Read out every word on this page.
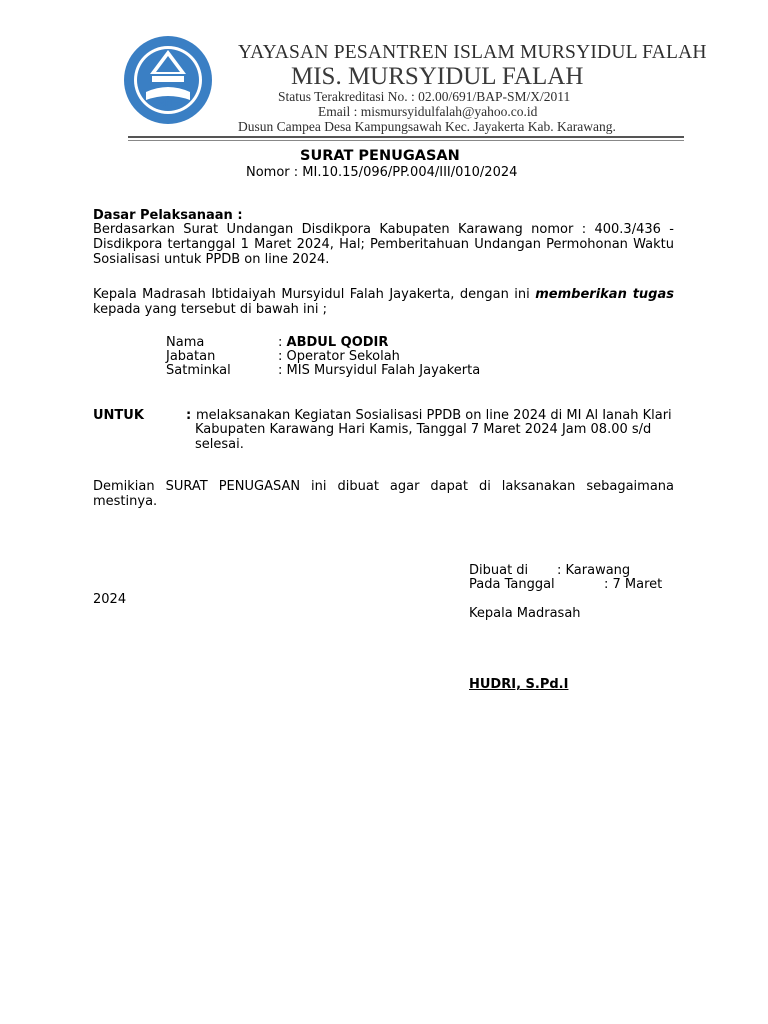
YAPIM
YAYASAN PESANTREN ISLAM MURSYIDUL FALAH
MIS. MURSYIDUL FALAH
Status Terakreditasi No. : 02.00/691/BAP-SM/X/2011
Email : mismursyidulfalah@yahoo.co.id
Dusun Campea Desa Kampungsawah Kec. Jayakerta Kab. Karawang.
SURAT PENUGASAN
Nomor : MI.10.15/096/PP.004/III/010/2024
Dasar Pelaksanaan :
Berdasarkan Surat Undangan Disdikpora Kabupaten Karawang nomor : 400.3/436 - Disdikpora tertanggal 1 Maret 2024, Hal; Pemberitahuan Undangan Permohonan Waktu Sosialisasi untuk PPDB on line 2024.
Kepala Madrasah Ibtidaiyah Mursyidul Falah Jayakerta, dengan ini memberikan tugas kepada yang tersebut di bawah ini ;
Nama	: ABDUL QODIR
Jabatan	: Operator Sekolah
Satminkal	: MIS Mursyidul Falah Jayakerta
UNTUK	: melaksanakan Kegiatan Sosialisasi PPDB on line 2024 di MI Al Ianah Klari
Kabupaten Karawang Hari Kamis, Tanggal 7 Maret 2024 Jam 08.00 s/d
selesai.
Demikian SURAT PENUGASAN ini dibuat agar dapat di laksanakan sebagaimana mestinya.
Dibuat di : Karawang
Pada Tanggal	: 7 Maret
2024
Kepala Madrasah
HUDRI, S.Pd.I
